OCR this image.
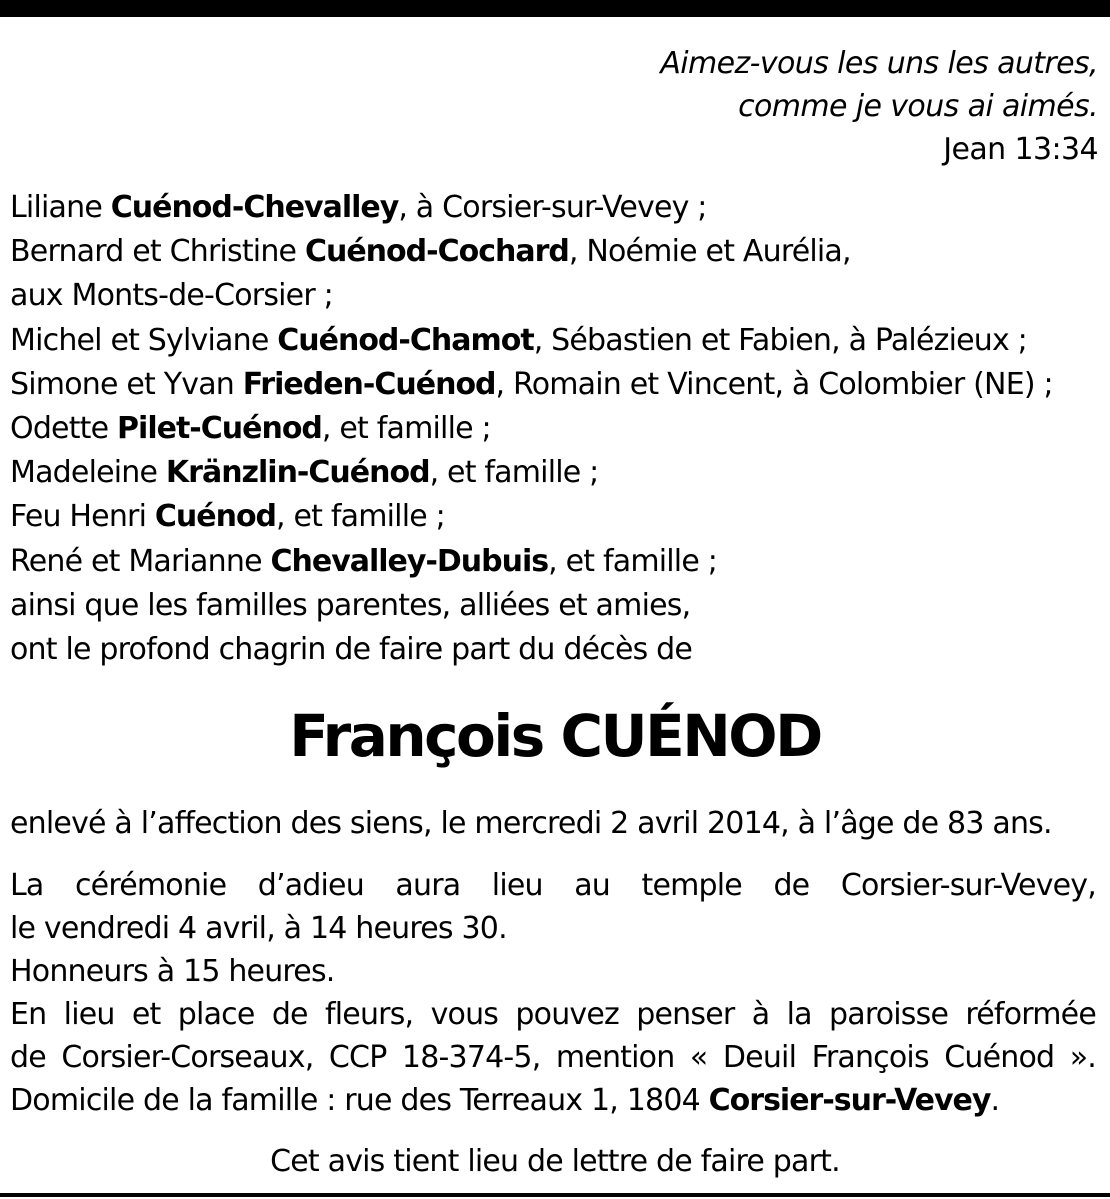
Aimez-vous les uns les autres,
comme je vous ai aimés.
Jean 13:34
Liliane Cuénod-Chevalley, à Corsier-sur-Vevey ;
Bernard et Christine Cuénod-Cochard, Noémie et Aurélia,
aux Monts-de-Corsier ;
Michel et Sylviane Cuénod-Chamot, Sébastien et Fabien, à Palézieux ;
Simone et Yvan Frieden-Cuénod, Romain et Vincent, à Colombier (NE) ;
Odette Pilet-Cuénod, et famille ;
Madeleine Kränzlin-Cuénod, et famille ;
Feu Henri Cuénod, et famille ;
René et Marianne Chevalley-Dubuis, et famille ;
ainsi que les familles parentes, alliées et amies,
ont le profond chagrin de faire part du décès de
François CUÉNOD
enlevé à l’affection des siens, le mercredi 2 avril 2014, à l’âge de 83 ans.
La cérémonie d’adieu aura lieu au temple de Corsier-sur-Vevey,
le vendredi 4 avril, à 14 heures 30.
Honneurs à 15 heures.
En lieu et place de fleurs, vous pouvez penser à la paroisse réformée
de Corsier-Corseaux, CCP 18-374-5, mention « Deuil François Cuénod ».
Domicile de la famille : rue des Terreaux 1, 1804 Corsier-sur-Vevey.
Cet avis tient lieu de lettre de faire part.
